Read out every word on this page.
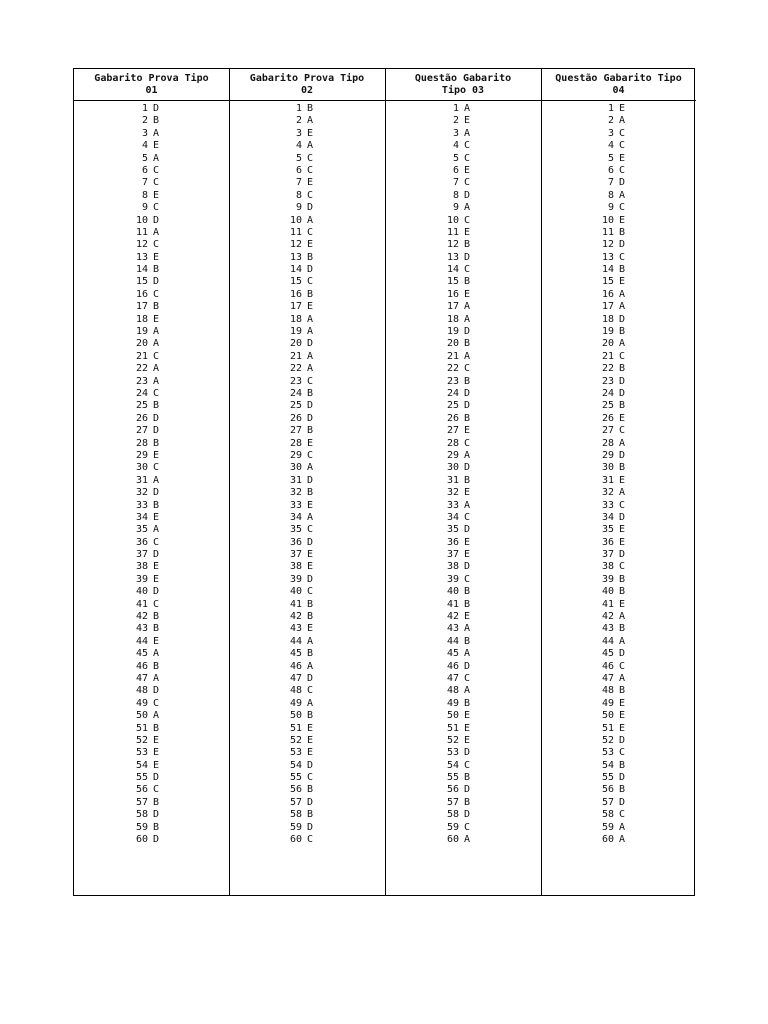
Gabarito Prova Tipo
01
Gabarito Prova Tipo
02
Questão Gabarito
Tipo 03
Questão Gabarito Tipo
04
1 D
2 B
3 A
4 E
5 A
6 C
7 C
8 E
9 C
10 D
11 A
12 C
13 E
14 B
15 D
16 C
17 B
18 E
19 A
20 A
21 C
22 A
23 A
24 C
25 B
26 D
27 D
28 B
29 E
30 C
31 A
32 D
33 B
34 E
35 A
36 C
37 D
38 E
39 E
40 D
41 C
42 B
43 B
44 E
45 A
46 B
47 A
48 D
49 C
50 A
51 B
52 E
53 E
54 E
55 D
56 C
57 B
58 D
59 B
60 D
1 B
2 A
3 E
4 A
5 C
6 C
7 E
8 C
9 D
10 A
11 C
12 E
13 B
14 D
15 C
16 B
17 E
18 A
19 A
20 D
21 A
22 A
23 C
24 B
25 D
26 D
27 B
28 E
29 C
30 A
31 D
32 B
33 E
34 A
35 C
36 D
37 E
38 E
39 D
40 C
41 B
42 B
43 E
44 A
45 B
46 A
47 D
48 C
49 A
50 B
51 E
52 E
53 E
54 D
55 C
56 B
57 D
58 B
59 D
60 C
1 A
2 E
3 A
4 C
5 C
6 E
7 C
8 D
9 A
10 C
11 E
12 B
13 D
14 C
15 B
16 E
17 A
18 A
19 D
20 B
21 A
22 C
23 B
24 D
25 D
26 B
27 E
28 C
29 A
30 D
31 B
32 E
33 A
34 C
35 D
36 E
37 E
38 D
39 C
40 B
41 B
42 E
43 A
44 B
45 A
46 D
47 C
48 A
49 B
50 E
51 E
52 E
53 D
54 C
55 B
56 D
57 B
58 D
59 C
60 A
1 E
2 A
3 C
4 C
5 E
6 C
7 D
8 A
9 C
10 E
11 B
12 D
13 C
14 B
15 E
16 A
17 A
18 D
19 B
20 A
21 C
22 B
23 D
24 D
25 B
26 E
27 C
28 A
29 D
30 B
31 E
32 A
33 C
34 D
35 E
36 E
37 D
38 C
39 B
40 B
41 E
42 A
43 B
44 A
45 D
46 C
47 A
48 B
49 E
50 E
51 E
52 D
53 C
54 B
55 D
56 B
57 D
58 C
59 A
60 A
